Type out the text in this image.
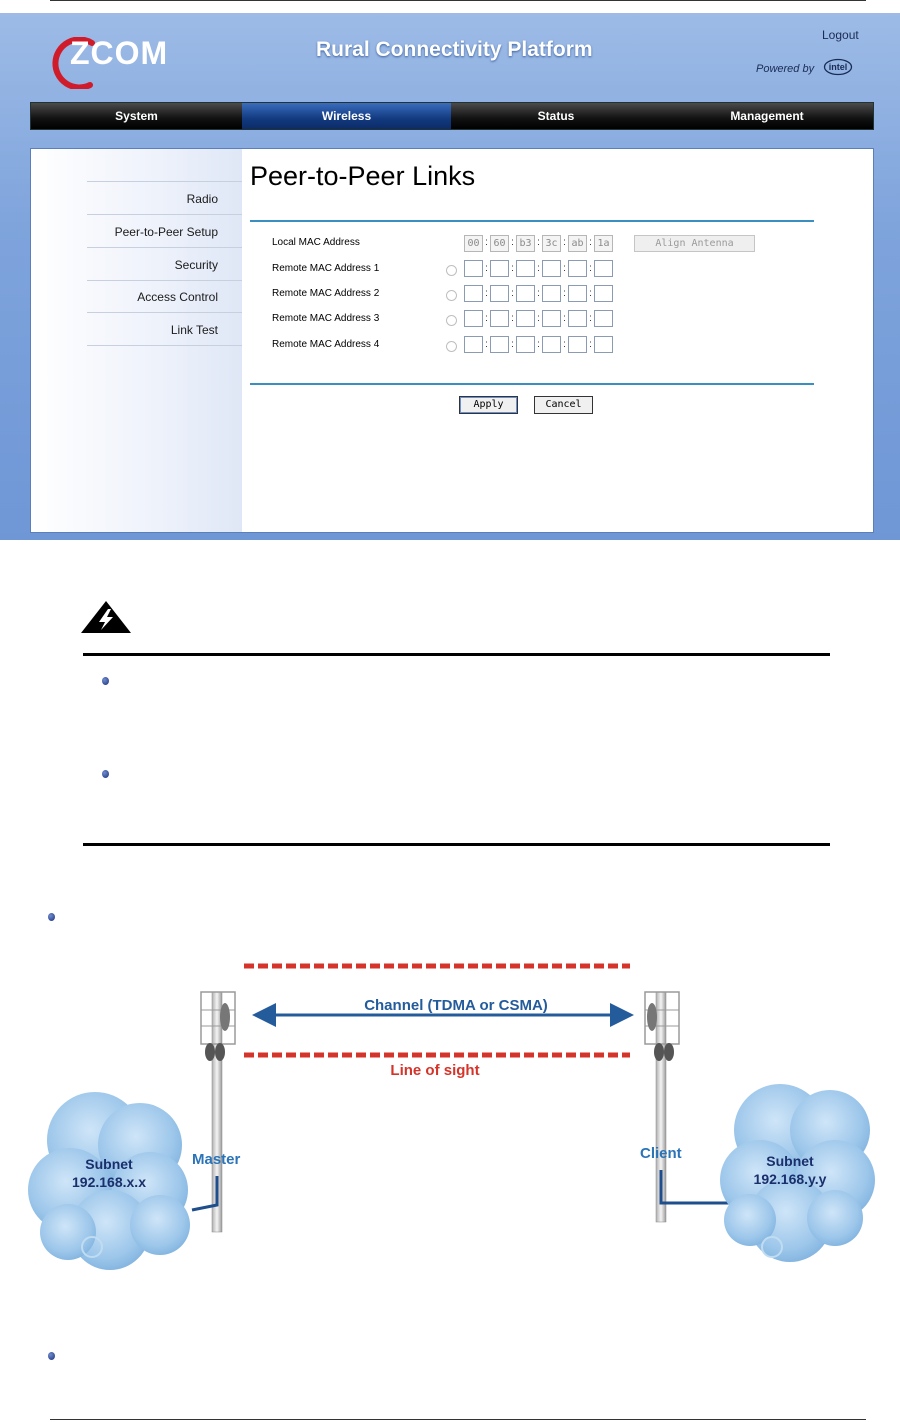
ZCOM	Rural Connectivity Platform
Logout
Powered by intel
System	Wireless	Status	Management
Radio
Peer-to-Peer Setup
Security
Access Control
Link Test
Peer-to-Peer Links
Local MAC Address	00 : 60 : b3 : 3c : ab : 1a	Align Antenna
Remote MAC Address 1	: : : : :
Remote MAC Address 2	: : : : :
Remote MAC Address 3	: : : : :
Remote MAC Address 4	: : : : :
Apply	Cancel
Channel (TDMA or CSMA)
Line of sight
Master	Client
Subnet
192.168.x.x
Subnet
192.168.y.y
